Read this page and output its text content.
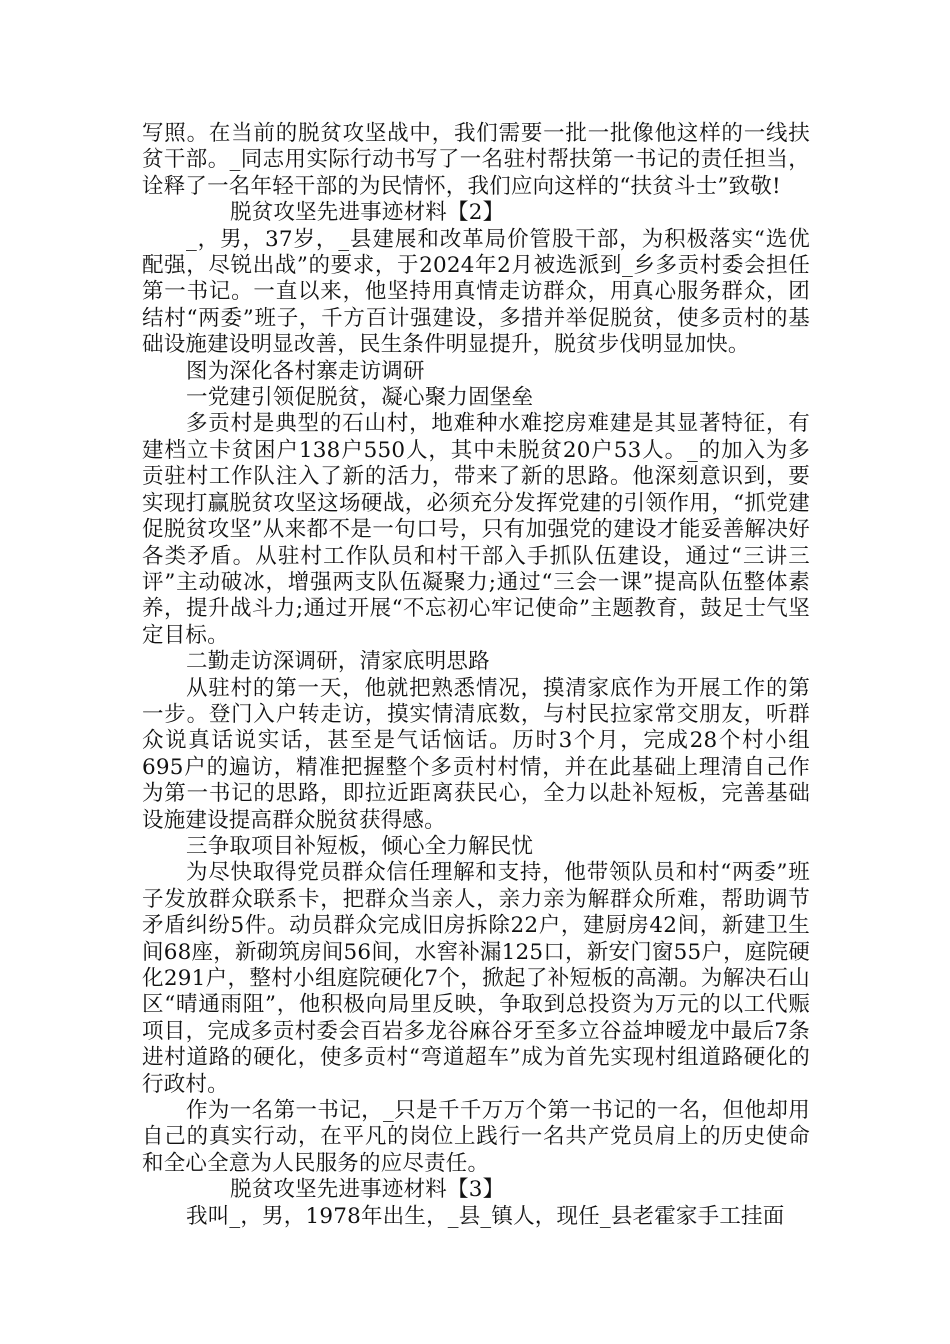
写照。在当前的脱贫攻坚战中，我们需要一批一批像他这样的一线扶贫干部。_同志用实际行动书写了一名驻村帮扶第一书记的责任担当，诠释了一名年轻干部的为民情怀，我们应向这样的“扶贫斗士”致敬!

脱贫攻坚先进事迹材料【2】

_，男，37岁，_县建展和改革局价管股干部，为积极落实“选优配强，尽锐出战”的要求，于2024年2月被选派到_乡多贡村委会担任第一书记。一直以来，他坚持用真情走访群众，用真心服务群众，团结村“两委”班子，千方百计强建设，多措并举促脱贫，使多贡村的基础设施建设明显改善，民生条件明显提升，脱贫步伐明显加快。

图为深化各村寨走访调研

一党建引领促脱贫，凝心聚力固堡垒

多贡村是典型的石山村，地难种水难挖房难建是其显著特征，有建档立卡贫困户138户550人，其中未脱贫20户53人。_的加入为多贡驻村工作队注入了新的活力，带来了新的思路。他深刻意识到，要实现打赢脱贫攻坚这场硬战，必须充分发挥党建的引领作用，“抓党建促脱贫攻坚”从来都不是一句口号，只有加强党的建设才能妥善解决好各类矛盾。从驻村工作队员和村干部入手抓队伍建设，通过“三讲三评”主动破冰，增强两支队伍凝聚力;通过“三会一课”提高队伍整体素养，提升战斗力;通过开展“不忘初心牢记使命”主题教育，鼓足士气坚定目标。

二勤走访深调研，清家底明思路

从驻村的第一天，他就把熟悉情况，摸清家底作为开展工作的第一步。登门入户转走访，摸实情清底数，与村民拉家常交朋友，听群众说真话说实话，甚至是气话恼话。历时3个月，完成28个村小组695户的遍访，精准把握整个多贡村村情，并在此基础上理清自己作为第一书记的思路，即拉近距离获民心，全力以赴补短板，完善基础设施建设提高群众脱贫获得感。

三争取项目补短板，倾心全力解民忧

为尽快取得党员群众信任理解和支持，他带领队员和村“两委”班子发放群众联系卡，把群众当亲人，亲力亲为解群众所难，帮助调节矛盾纠纷5件。动员群众完成旧房拆除22户，建厨房42间，新建卫生间68座，新砌筑房间56间，水窖补漏125口，新安门窗55户，庭院硬化291户，整村小组庭院硬化7个，掀起了补短板的高潮。为解决石山区“晴通雨阻”，他积极向局里反映，争取到总投资为万元的以工代赈项目，完成多贡村委会百岩多龙谷麻谷牙至多立谷益坤暧龙中最后7条进村道路的硬化，使多贡村“弯道超车”成为首先实现村组道路硬化的行政村。

作为一名第一书记，_只是千千万万个第一书记的一名，但他却用自己的真实行动，在平凡的岗位上践行一名共产党员肩上的历史使命和全心全意为人民服务的应尽责任。

脱贫攻坚先进事迹材料【3】

我叫_，男，1978年出生，_县_镇人，现任_县老霍家手工挂面
